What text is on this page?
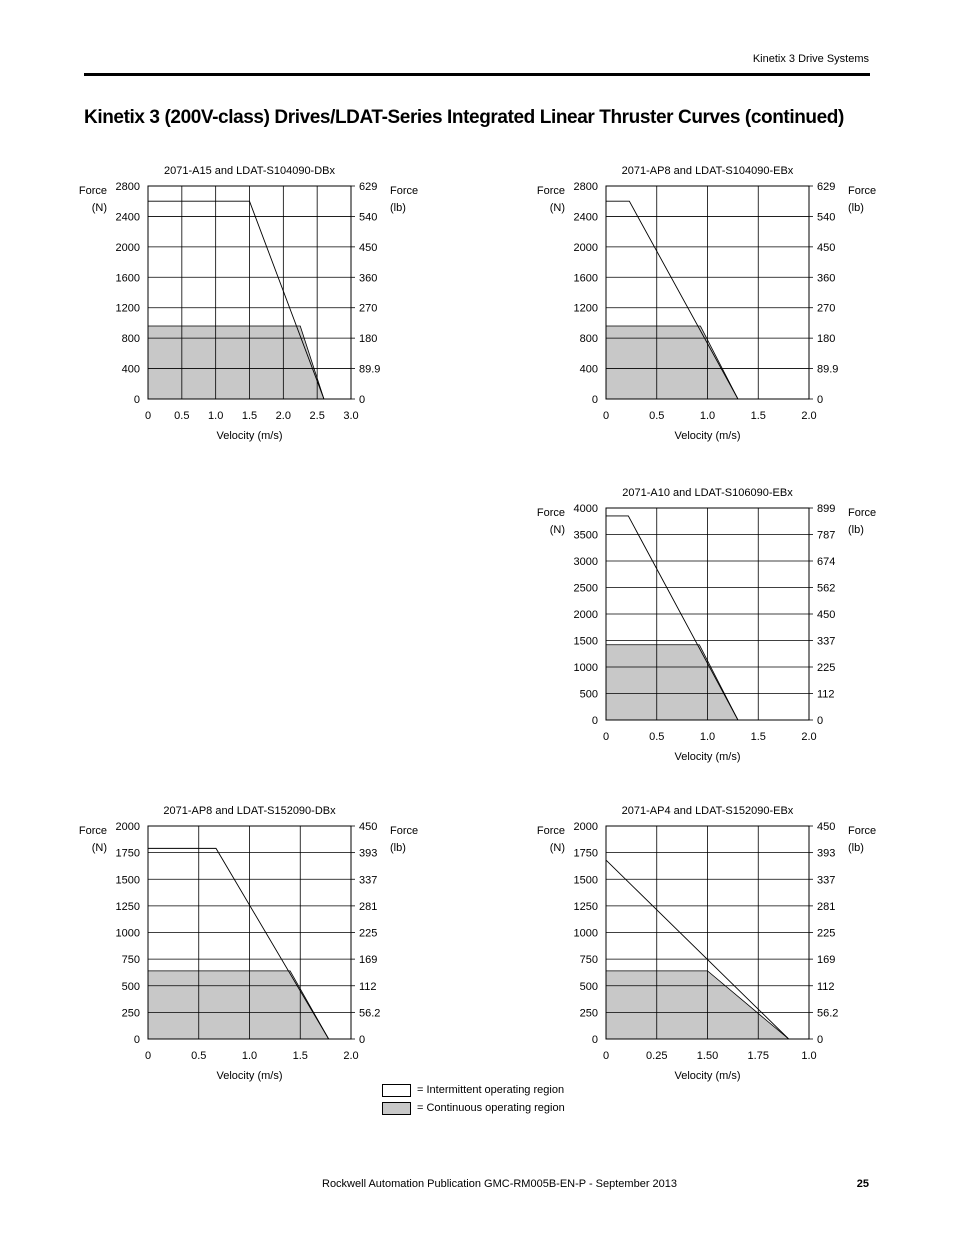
Kinetix 3 Drive Systems
Kinetix 3 (200V-class) Drives/LDAT-Series Integrated Linear Thruster Curves (continued)
2071-A15 and LDAT-S104090-DBx
0	0
400	89.9
800	180
1200	270
1600	360
2000	450
2400	540
2800	629
0 0.5 1.0 1.5 2.0 2.5 3.0
Velocity (m/s)
Force
(N)
Force
(lb)
2071-AP8 and LDAT-S104090-EBx
0	0
400	89.9
800	180
1200	270
1600	360
2000	450
2400	540
2800	629
0	0.5	1.0	1.5	2.0
Velocity (m/s)
Force
(N)
Force
(lb)
2071-A10 and LDAT-S106090-EBx
0	0
500	112
1000	225
1500	337
2000	450
2500	562
3000	674
3500	787
4000	899
0	0.5	1.0	1.5	2.0
Velocity (m/s)
Force
(N)
Force
(lb)
2071-AP8 and LDAT-S152090-DBx
0	0
250	56.2
500	112
750	169
1000	225
1250	281
1500	337
1750	393
2000	450
0	0.5	1.0	1.5	2.0
Velocity (m/s)
Force
(N)
Force
(lb)
2071-AP4 and LDAT-S152090-EBx
0	0
250	56.2
500	112
750	169
1000	225
1250	281
1500	337
1750	393
2000	450
0	0.25	1.50	1.75	1.0
Velocity (m/s)
Force
(N)
Force
(lb)
= Intermittent operating region
= Continuous operating region
Rockwell Automation Publication GMC-RM005B-EN-P - September 2013	25
